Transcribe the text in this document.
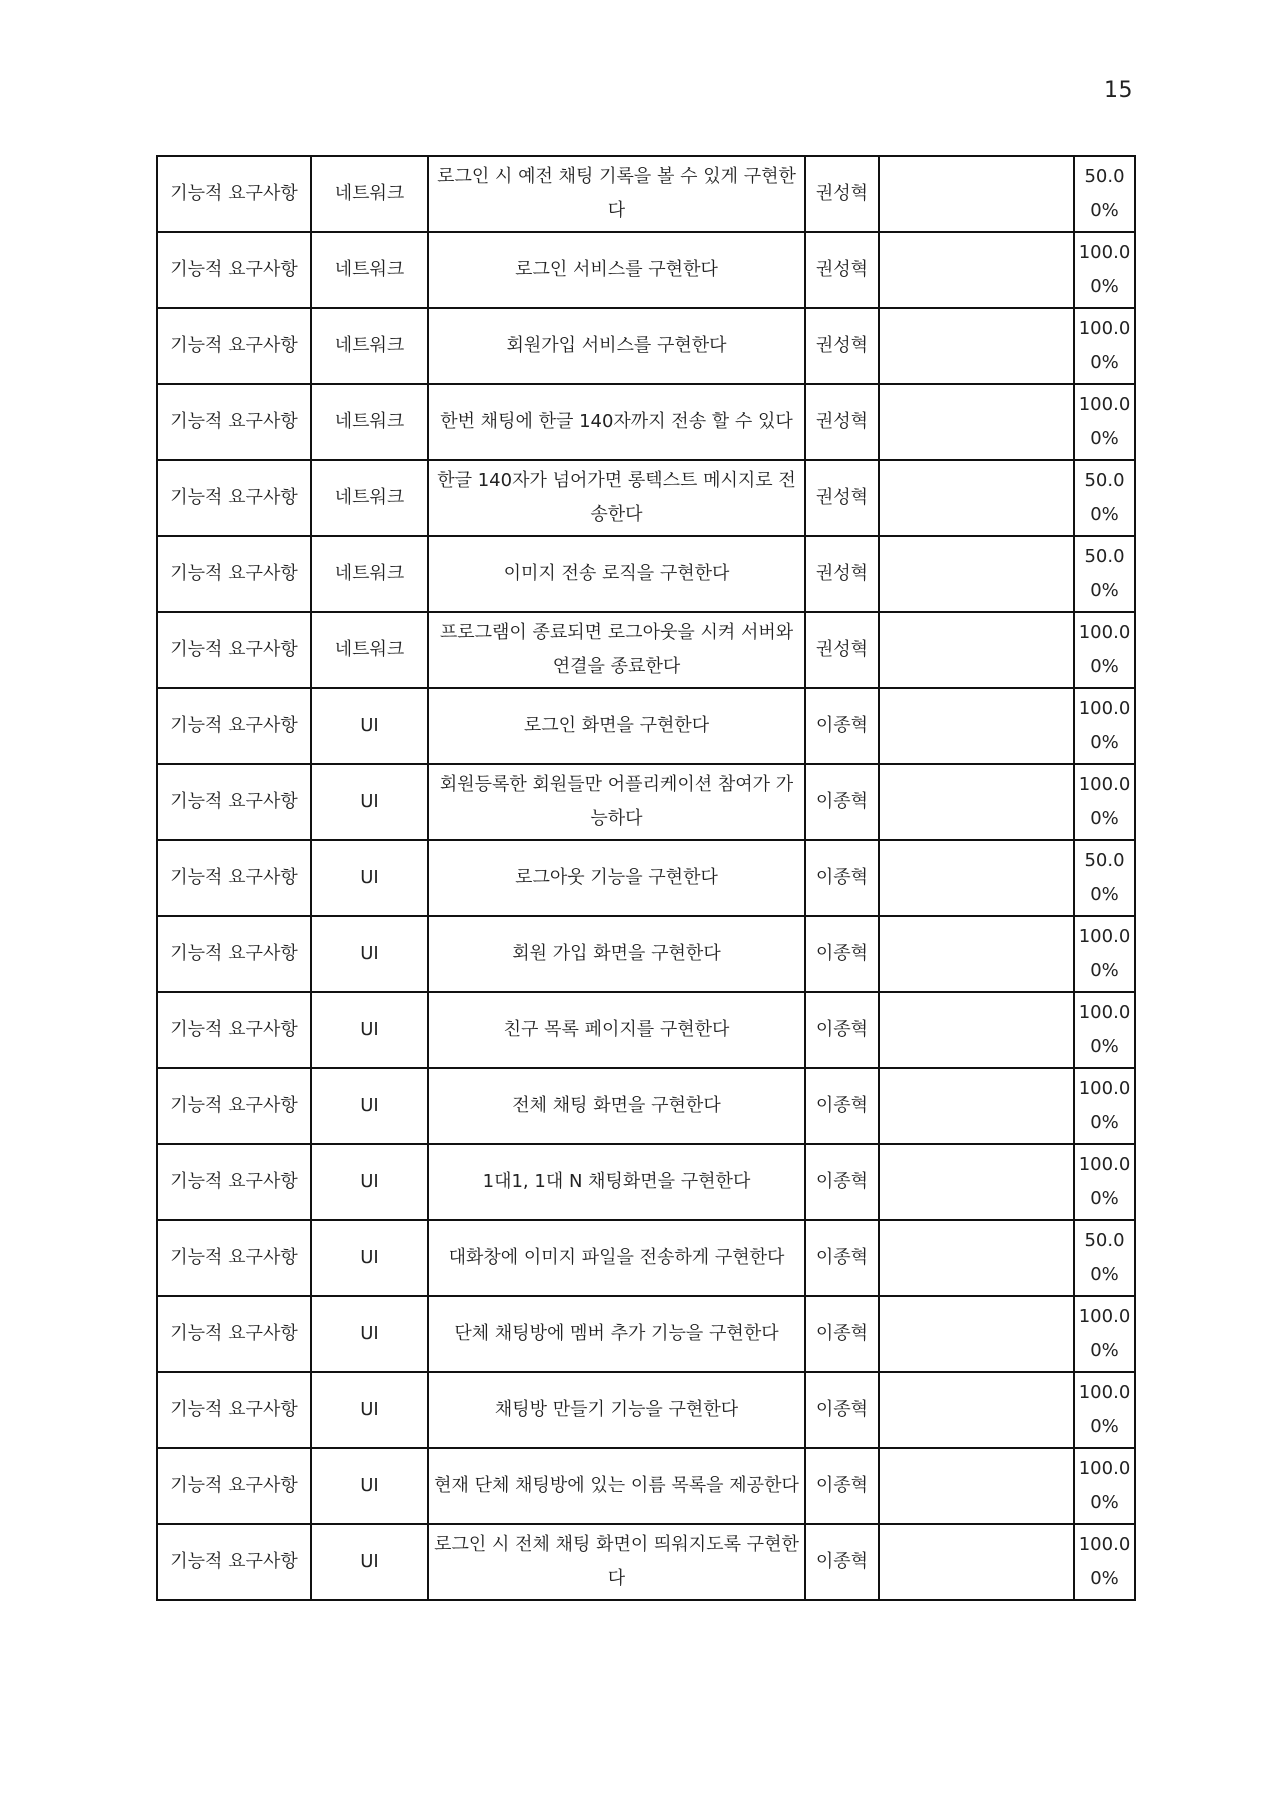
15
기능적 요구사항	네트워크	로그인 시 예전 채팅 기록을 볼 수 있게 구현한다	권성혁		50.00%
기능적 요구사항	네트워크	로그인 서비스를 구현한다	권성혁		100.00%
기능적 요구사항	네트워크	회원가입 서비스를 구현한다	권성혁		100.00%
기능적 요구사항	네트워크	한번 채팅에 한글 140자까지 전송 할 수 있다	권성혁		100.00%
기능적 요구사항	네트워크	한글 140자가 넘어가면 롱텍스트 메시지로 전송한다	권성혁		50.00%
기능적 요구사항	네트워크	이미지 전송 로직을 구현한다	권성혁		50.00%
기능적 요구사항	네트워크	프로그램이 종료되면 로그아웃을 시켜 서버와 연결을 종료한다	권성혁		100.00%
기능적 요구사항	UI	로그인 화면을 구현한다	이종혁		100.00%
기능적 요구사항	UI	회원등록한 회원들만 어플리케이션 참여가 가능하다	이종혁		100.00%
기능적 요구사항	UI	로그아웃 기능을 구현한다	이종혁		50.00%
기능적 요구사항	UI	회원 가입 화면을 구현한다	이종혁		100.00%
기능적 요구사항	UI	친구 목록 페이지를 구현한다	이종혁		100.00%
기능적 요구사항	UI	전체 채팅 화면을 구현한다	이종혁		100.00%
기능적 요구사항	UI	1대1, 1대 N 채팅화면을 구현한다	이종혁		100.00%
기능적 요구사항	UI	대화창에 이미지 파일을 전송하게 구현한다	이종혁		50.00%
기능적 요구사항	UI	단체 채팅방에 멤버 추가 기능을 구현한다	이종혁		100.00%
기능적 요구사항	UI	채팅방 만들기 기능을 구현한다	이종혁		100.00%
기능적 요구사항	UI	현재 단체 채팅방에 있는 이름 목록을 제공한다	이종혁		100.00%
기능적 요구사항	UI	로그인 시 전체 채팅 화면이 띄워지도록 구현한다	이종혁		100.00%
